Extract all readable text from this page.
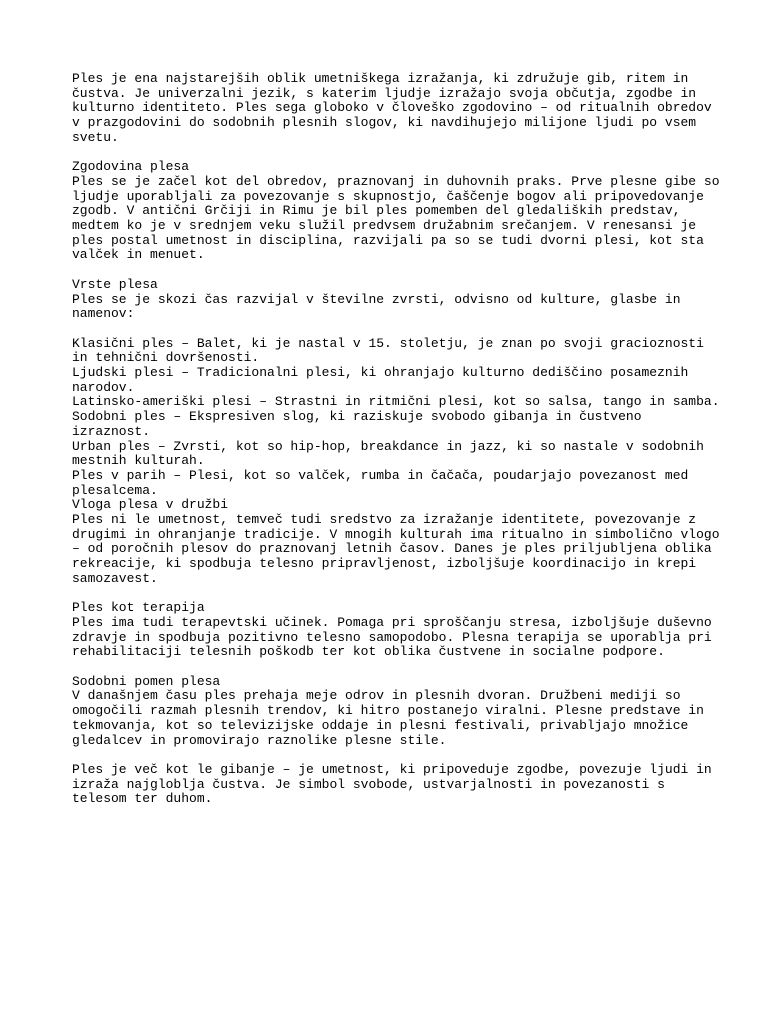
Ples je ena najstarejših oblik umetniškega izražanja, ki združuje gib, ritem in
čustva. Je univerzalni jezik, s katerim ljudje izražajo svoja občutja, zgodbe in
kulturno identiteto. Ples sega globoko v človeško zgodovino – od ritualnih obredov
v prazgodovini do sodobnih plesnih slogov, ki navdihujejo milijone ljudi po vsem
svetu.

Zgodovina plesa

Ples se je začel kot del obredov, praznovanj in duhovnih praks. Prve plesne gibe so
ljudje uporabljali za povezovanje s skupnostjo, čaščenje bogov ali pripovedovanje
zgodb. V antični Grčiji in Rimu je bil ples pomemben del gledaliških predstav,
medtem ko je v srednjem veku služil predvsem družabnim srečanjem. V renesansi je
ples postal umetnost in disciplina, razvijali pa so se tudi dvorni plesi, kot sta
valček in menuet.

Vrste plesa

Ples se je skozi čas razvijal v številne zvrsti, odvisno od kulture, glasbe in
namenov:

Klasični ples – Balet, ki je nastal v 15. stoletju, je znan po svoji gracioznosti
in tehnični dovršenosti.

Ljudski plesi – Tradicionalni plesi, ki ohranjajo kulturno dediščino posameznih
narodov.

Latinsko-ameriški plesi – Strastni in ritmični plesi, kot so salsa, tango in samba.

Sodobni ples – Ekspresiven slog, ki raziskuje svobodo gibanja in čustveno
izraznost.

Urban ples – Zvrsti, kot so hip-hop, breakdance in jazz, ki so nastale v sodobnih
mestnih kulturah.

Ples v parih – Plesi, kot so valček, rumba in čačača, poudarjajo povezanost med
plesalcema.

Vloga plesa v družbi

Ples ni le umetnost, temveč tudi sredstvo za izražanje identitete, povezovanje z
drugimi in ohranjanje tradicije. V mnogih kulturah ima ritualno in simbolično vlogo
– od poročnih plesov do praznovanj letnih časov. Danes je ples priljubljena oblika
rekreacije, ki spodbuja telesno pripravljenost, izboljšuje koordinacijo in krepi
samozavest.

Ples kot terapija

Ples ima tudi terapevtski učinek. Pomaga pri sproščanju stresa, izboljšuje duševno
zdravje in spodbuja pozitivno telesno samopodobo. Plesna terapija se uporablja pri
rehabilitaciji telesnih poškodb ter kot oblika čustvene in socialne podpore.

Sodobni pomen plesa

V današnjem času ples prehaja meje odrov in plesnih dvoran. Družbeni mediji so
omogočili razmah plesnih trendov, ki hitro postanejo viralni. Plesne predstave in
tekmovanja, kot so televizijske oddaje in plesni festivali, privabljajo množice
gledalcev in promovirajo raznolike plesne stile.

Ples je več kot le gibanje – je umetnost, ki pripoveduje zgodbe, povezuje ljudi in
izraža najgloblja čustva. Je simbol svobode, ustvarjalnosti in povezanosti s
telesom ter duhom.
